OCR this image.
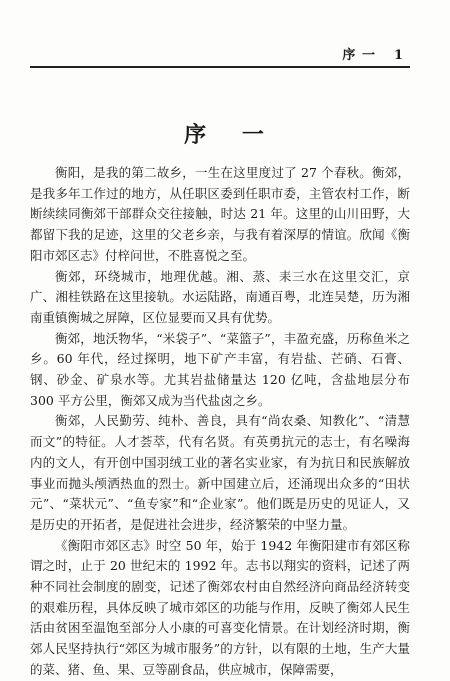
序 一 1
序　 一

衡阳，是我的第二故乡，一生在这里度过了 27 个春秋。衡郊，是我多年工作过的地方，从任职区委到任职市委，主管农村工作，断断续续同衡郊干部群众交往接触，时达 21 年。这里的山川田野，大都留下我的足迹，这里的父老乡亲，与我有着深厚的情谊。欣闻《衡阳市郊区志》付梓问世，不胜喜悦之至。

衡郊，环绕城市，地理优越。湘、蒸、耒三水在这里交汇，京广、湘桂铁路在这里接轨。水运陆路，南通百粤，北连吴楚，历为湘南重镇衡城之屏障，区位显要而又具有优势。

衡郊，地沃物华，“米袋子”、“菜篮子”，丰盈充盛，历称鱼米之乡。60 年代，经过探明，地下矿产丰富，有岩盐、芒硝、石膏、钢、砂金、矿泉水等。尤其岩盐储量达 120 亿吨，含盐地层分布 300 平方公里，衡郊又成为当代盐卤之乡。

衡郊，人民勤劳、纯朴、善良，具有“尚农桑、知教化”、“清慧而文”的特征。人才荟萃，代有名贤。有英勇抗元的志士，有名噪海内的文人，有开创中国羽绒工业的著名实业家，有为抗日和民族解放事业而抛头颅洒热血的烈士。新中国建立后，还涌现出众多的“田状元”、“菜状元”、“鱼专家”和“企业家”。他们既是历史的见证人，又是历史的开拓者，是促进社会进步，经济繁荣的中坚力量。

《衡阳市郊区志》时空 50 年，始于 1942 年衡阳建市有郊区称谓之时，止于 20 世纪末的 1992 年。志书以翔实的资料，记述了两种不同社会制度的剧变，记述了衡郊农村由自然经济向商品经济转变的艰难历程，具体反映了城市郊区的功能与作用，反映了衡郊人民生活由贫困至温饱至部分人小康的可喜变化情景。在计划经济时期，衡郊人民坚持执行“郊区为城市服务”的方针，以有限的土地，生产大量的菜、猪、鱼、果、豆等副食品，供应城市，保障需要，
